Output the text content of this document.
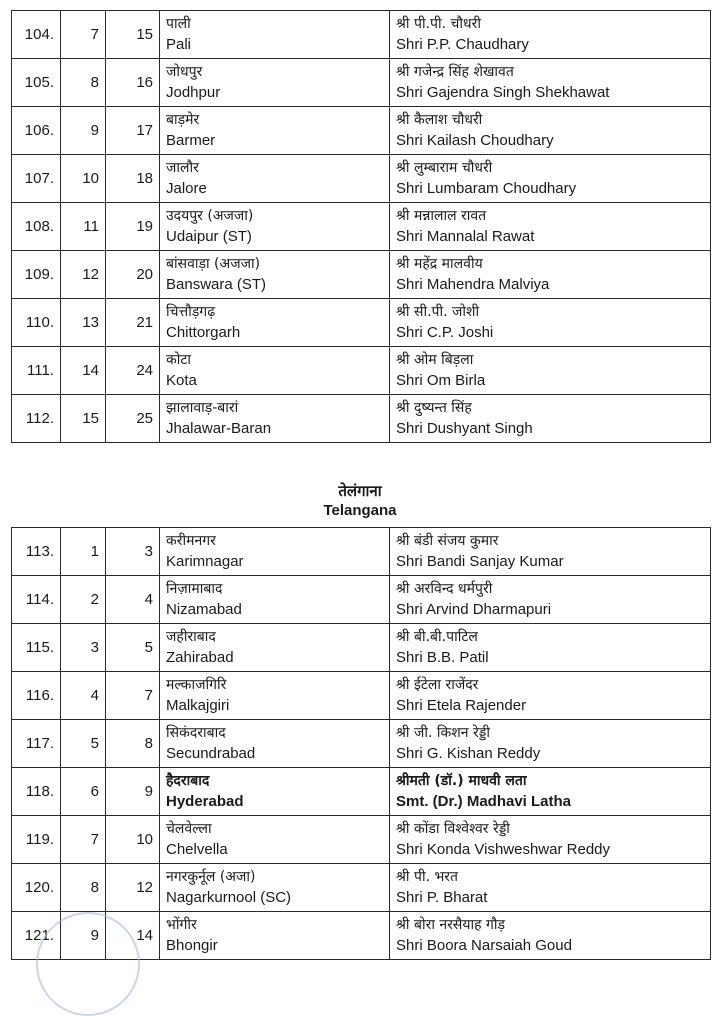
104.	7	15	पाली
Pali	श्री पी.पी. चौधरी
Shri P.P. Chaudhary

105.	8	16	जोधपुर
Jodhpur	श्री गजेन्द्र सिंह शेखावत
Shri Gajendra Singh Shekhawat

106.	9	17	बाड़मेर
Barmer	श्री कैलाश चौधरी
Shri Kailash Choudhary

107.	10	18	जालौर
Jalore	श्री लुम्बाराम चौधरी
Shri Lumbaram Choudhary

108.	11	19	उदयपुर (अजजा)
Udaipur (ST)	श्री मन्नालाल रावत
Shri Mannalal Rawat

109.	12	20	बांसवाड़ा (अजजा)
Banswara (ST)	श्री महेंद्र मालवीय
Shri Mahendra Malviya

110.	13	21	चित्तौड़गढ़
Chittorgarh	श्री सी.पी. जोशी
Shri C.P. Joshi

111.	14	24	कोटा
Kota	श्री ओम बिड़ला
Shri Om Birla

112.	15	25	झालावाड़-बारां
Jhalawar-Baran	श्री दुष्यन्त सिंह
Shri Dushyant Singh
तेलंगाना
Telangana
113.	1	3	करीमनगर
Karimnagar	श्री बंडी संजय कुमार
Shri Bandi Sanjay Kumar

114.	2	4	निज़ामाबाद
Nizamabad	श्री अरविन्द धर्मपुरी
Shri Arvind Dharmapuri

115.	3	5	जहीराबाद
Zahirabad	श्री बी.बी.पाटिल
Shri B.B. Patil

116.	4	7	मल्काजगिरि
Malkajgiri	श्री ईटेला राजेंदर
Shri Etela Rajender

117.	5	8	सिकंदराबाद
Secundrabad	श्री जी. किशन रेड्डी
Shri G. Kishan Reddy

118.	6	9	हैदराबाद
Hyderabad	श्रीमती (डॉ.) माधवी लता
Smt. (Dr.) Madhavi Latha

119.	7	10	चेलवेल्ला
Chelvella	श्री कोंडा विश्वेश्वर रेड्डी
Shri Konda Vishweshwar Reddy

120.	8	12	नगरकुर्नूल (अजा)
Nagarkurnool (SC)	श्री पी. भरत
Shri P. Bharat

121.	9	14	भोंगीर
Bhongir	श्री बोरा नरसैयाह गौड़
Shri Boora Narsaiah Goud
